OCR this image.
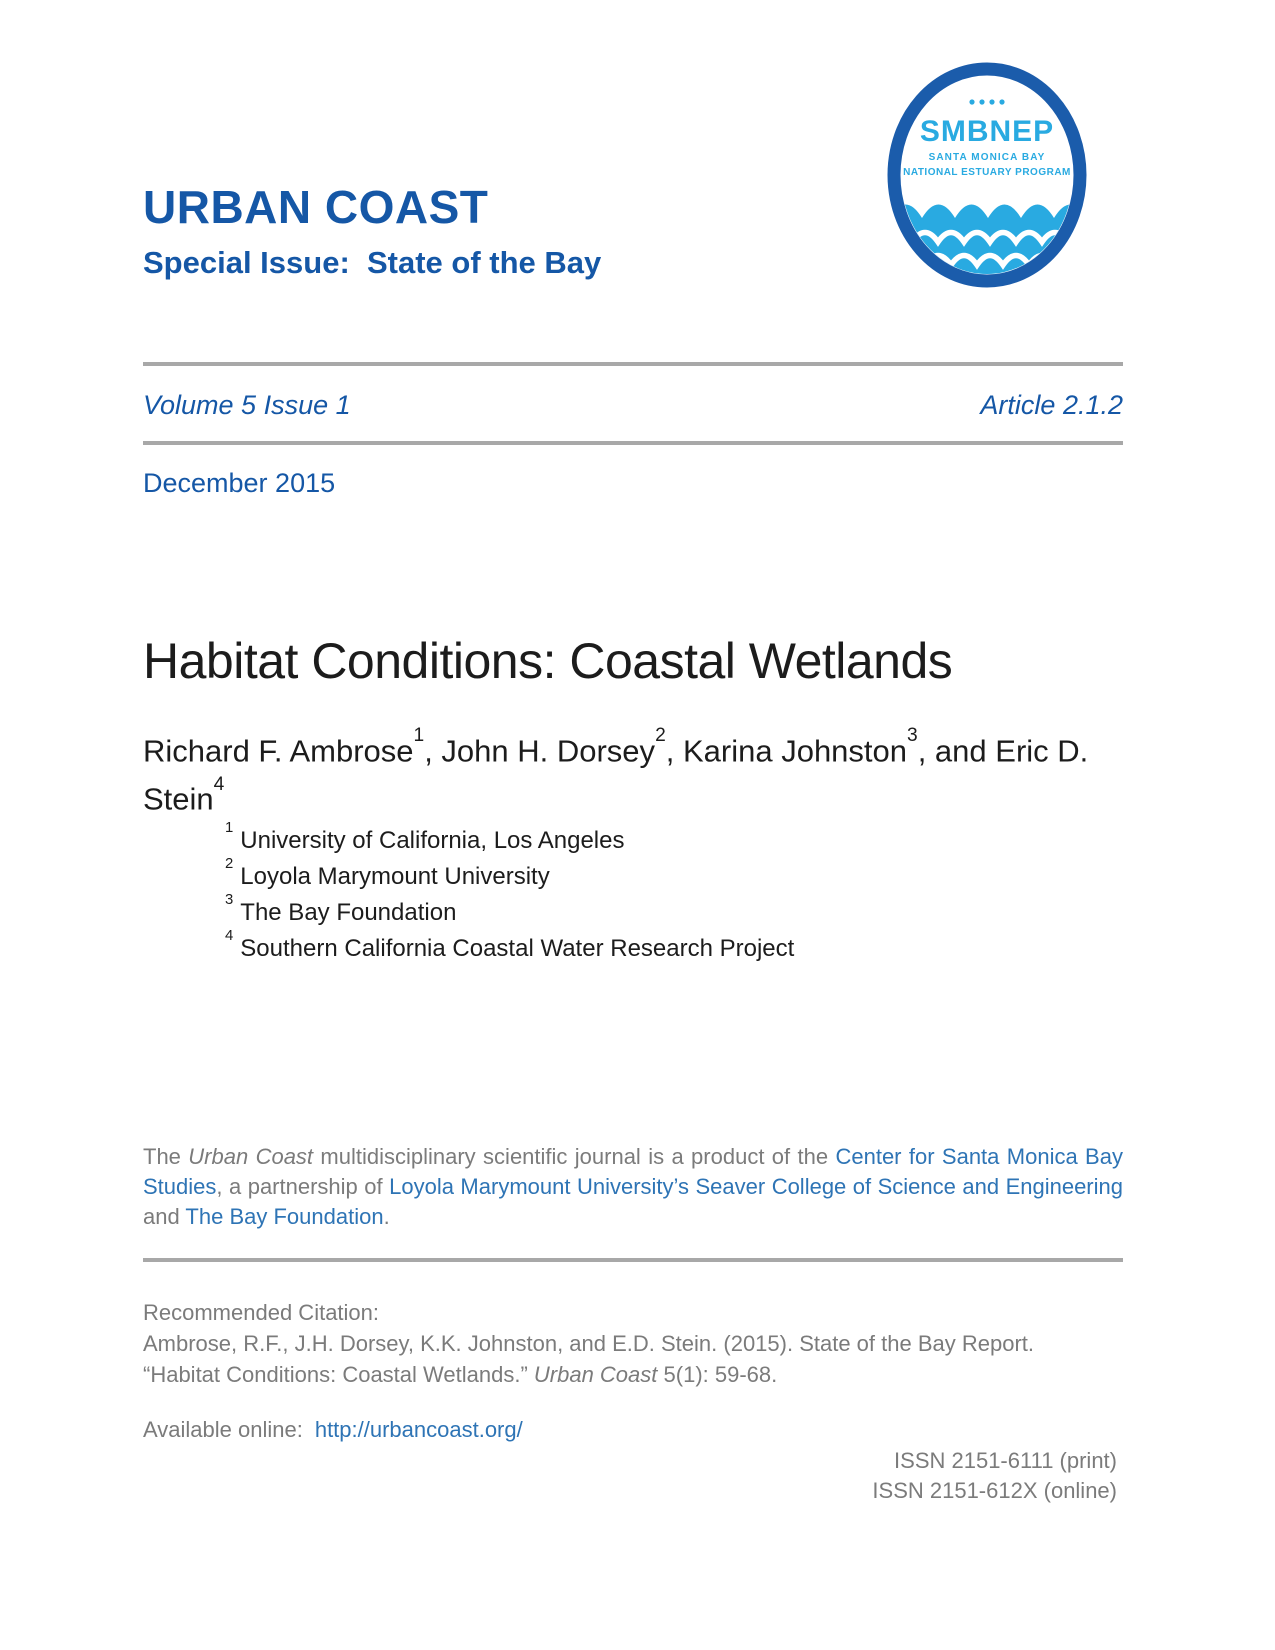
URBAN COAST
Special Issue:  State of the Bay
SMBNEP
SANTA MONICA BAY
NATIONAL ESTUARY PROGRAM
Volume 5 Issue 1	Article 2.1.2
December 2015
Habitat Conditions: Coastal Wetlands

Richard F. Ambrose$^1$, John H. Dorsey$^2$, Karina Johnston$^3$, and Eric D. Stein$^4$

$^1$ University of California, Los Angeles
$^2$ Loyola Marymount University
$^3$ The Bay Foundation
$^4$ Southern California Coastal Water Research Project

The Urban Coast multidisciplinary scientific journal is a product of the Center for Santa Monica Bay Studies, a partnership of Loyola Marymount University’s Seaver College of Science and Engineering and The Bay Foundation.

Recommended Citation:
Ambrose, R.F., J.H. Dorsey, K.K. Johnston, and E.D. Stein. (2015). State of the Bay Report.
“Habitat Conditions: Coastal Wetlands.” Urban Coast 5(1): 59-68.
Available online: http://urbancoast.org/
ISSN 2151-6111 (print)
ISSN 2151-612X (online)
